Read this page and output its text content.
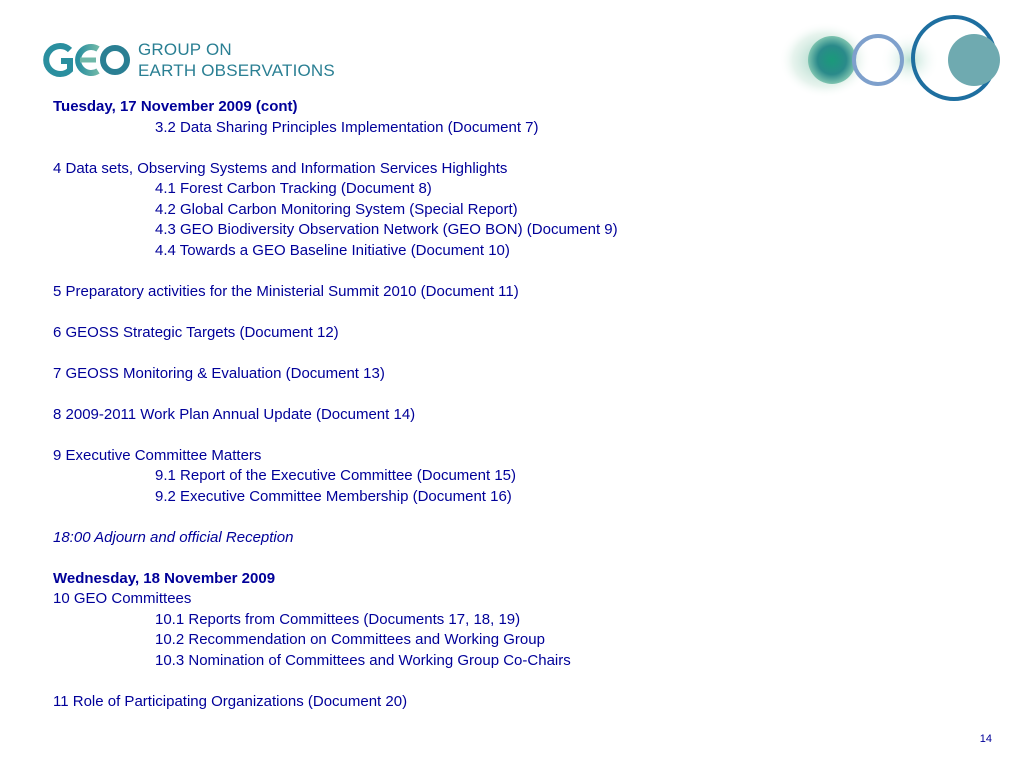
GROUP ON
EARTH OBSERVATIONS
Tuesday, 17 November 2009 (cont)
3.2 Data Sharing Principles Implementation (Document 7)
4 Data sets, Observing Systems and Information Services Highlights
4.1 Forest Carbon Tracking (Document 8)
4.2 Global Carbon Monitoring System (Special Report)
4.3 GEO Biodiversity Observation Network (GEO BON) (Document 9)
4.4 Towards a GEO Baseline Initiative (Document 10)
5 Preparatory activities for the Ministerial Summit 2010 (Document 11)
6 GEOSS Strategic Targets (Document 12)
7 GEOSS Monitoring & Evaluation (Document 13)
8 2009-2011 Work Plan Annual Update (Document 14)
9 Executive Committee Matters
9.1 Report of the Executive Committee (Document 15)
9.2 Executive Committee Membership (Document 16)
18:00 Adjourn and official Reception
Wednesday, 18 November 2009
10 GEO Committees
10.1 Reports from Committees (Documents 17, 18, 19)
10.2 Recommendation on Committees and Working Group
10.3 Nomination of Committees and Working Group Co-Chairs
11 Role of Participating Organizations (Document 20)
14
